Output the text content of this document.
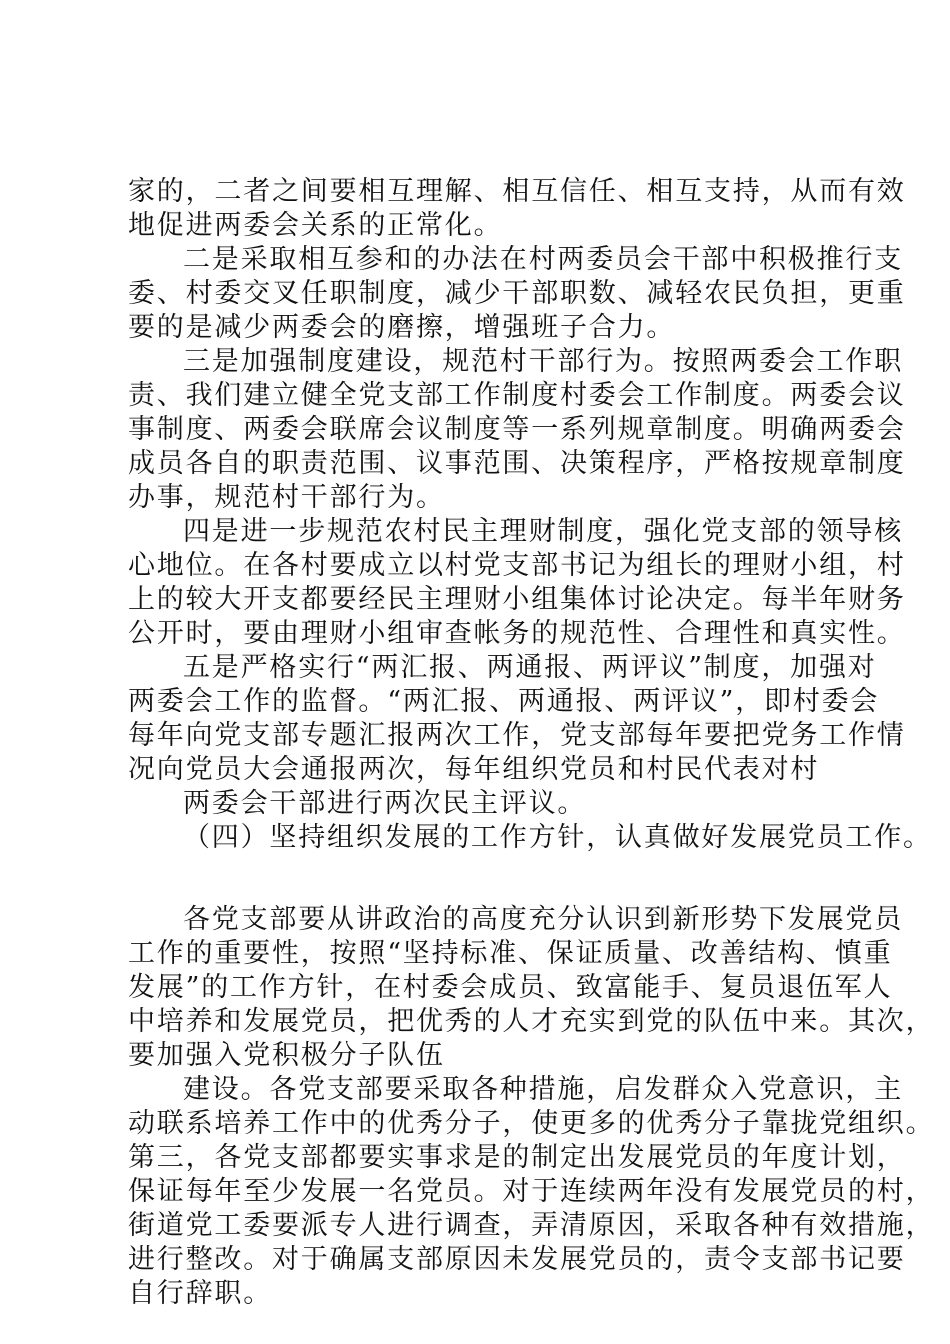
家的，二者之间要相互理解、相互信任、相互支持，从而有效
地促进两委会关系的正常化。
二是采取相互参和的办法在村两委员会干部中积极推行支
委、村委交叉任职制度，减少干部职数、减轻农民负担，更重
要的是减少两委会的磨擦，增强班子合力。
三是加强制度建设，规范村干部行为。按照两委会工作职
责、我们建立健全党支部工作制度村委会工作制度。两委会议
事制度、两委会联席会议制度等一系列规章制度。明确两委会
成员各自的职责范围、议事范围、决策程序，严格按规章制度
办事，规范村干部行为。
四是进一步规范农村民主理财制度，强化党支部的领导核
心地位。在各村要成立以村党支部书记为组长的理财小组，村
上的较大开支都要经民主理财小组集体讨论决定。每半年财务
公开时，要由理财小组审查帐务的规范性、合理性和真实性。
五是严格实行“两汇报、两通报、两评议”制度，加强对
两委会工作的监督。“两汇报、两通报、两评议”，即村委会
每年向党支部专题汇报两次工作，党支部每年要把党务工作情
况向党员大会通报两次，每年组织党员和村民代表对村
两委会干部进行两次民主评议。
（四）坚持组织发展的工作方针，认真做好发展党员工作。
各党支部要从讲政治的高度充分认识到新形势下发展党员
工作的重要性，按照“坚持标准、保证质量、改善结构、慎重
发展”的工作方针，在村委会成员、致富能手、复员退伍军人
中培养和发展党员，把优秀的人才充实到党的队伍中来。其次，
要加强入党积极分子队伍
建设。各党支部要采取各种措施，启发群众入党意识，主
动联系培养工作中的优秀分子，使更多的优秀分子靠拢党组织。
第三，各党支部都要实事求是的制定出发展党员的年度计划，
保证每年至少发展一名党员。对于连续两年没有发展党员的村，
街道党工委要派专人进行调查，弄清原因，采取各种有效措施，
进行整改。对于确属支部原因未发展党员的，责令支部书记要
自行辞职。
